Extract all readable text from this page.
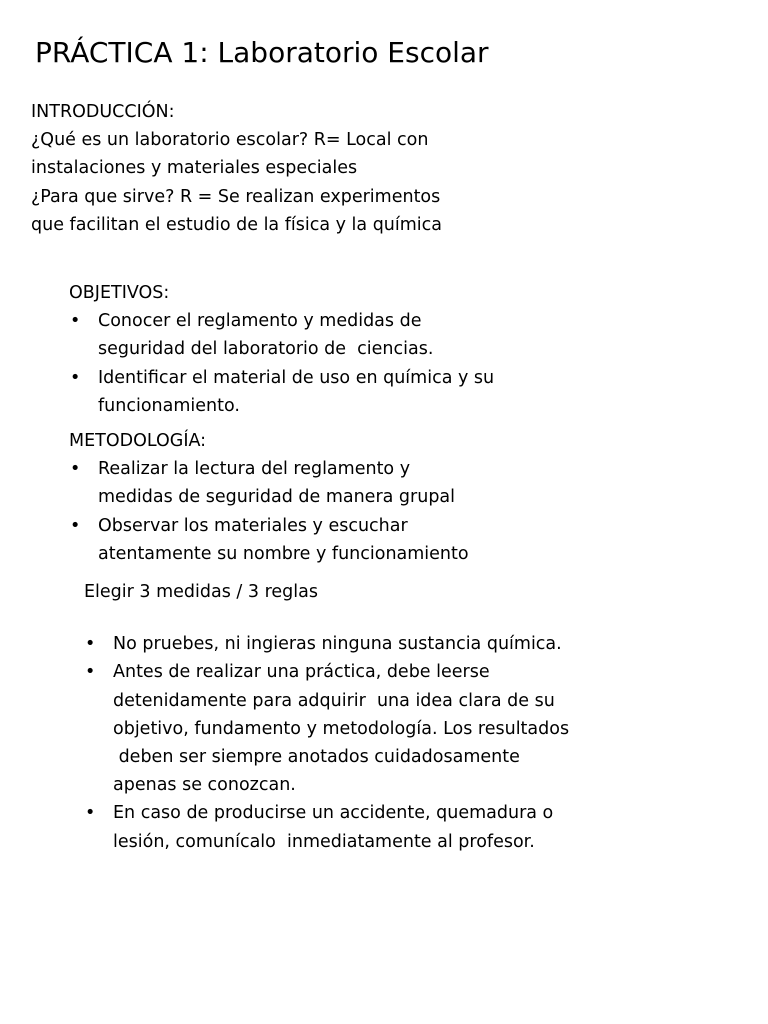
PRÁCTICA 1: Laboratorio Escolar
INTRODUCCIÓN:
¿Qué es un laboratorio escolar? R= Local con
instalaciones y materiales especiales
¿Para que sirve? R = Se realizan experimentos
que facilitan el estudio de la física y la química
OBJETIVOS:
• Conocer el reglamento y medidas de
seguridad del laboratorio de  ciencias.
• Identificar el material de uso en química y su
funcionamiento.
METODOLOGÍA:
• Realizar la lectura del reglamento y
medidas de seguridad de manera grupal
• Observar los materiales y escuchar
atentamente su nombre y funcionamiento
Elegir 3 medidas / 3 reglas
• No pruebes, ni ingieras ninguna sustancia química.
• Antes de realizar una práctica, debe leerse
detenidamente para adquirir  una idea clara de su
objetivo, fundamento y metodología. Los resultados
deben ser siempre anotados cuidadosamente
apenas se conozcan.
• En caso de producirse un accidente, quemadura o
lesión, comunícalo  inmediatamente al profesor.
